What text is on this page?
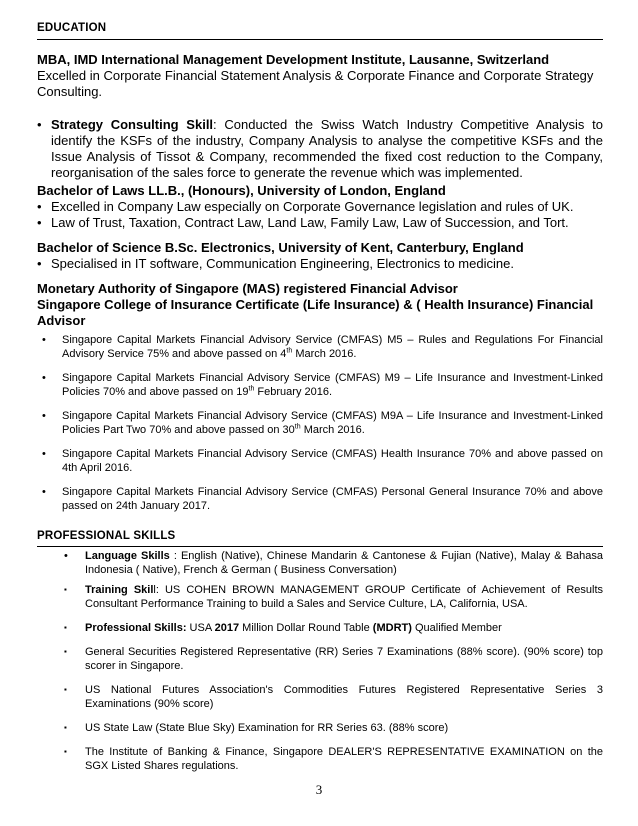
EDUCATION
MBA, IMD International Management Development Institute, Lausanne, Switzerland
Excelled in Corporate Financial Statement Analysis & Corporate Finance and Corporate Strategy Consulting.
• Strategy Consulting Skill: Conducted the Swiss Watch Industry Competitive Analysis to identify the KSFs of the industry, Company Analysis to analyse the competitive KSFs and the Issue Analysis of Tissot & Company, recommended the fixed cost reduction to the Company, reorganisation of the sales force to generate the revenue which was implemented.
Bachelor of Laws LL.B., (Honours), University of London, England
• Excelled in Company Law especially on Corporate Governance legislation and rules of UK.
• Law of Trust, Taxation, Contract Law, Land Law, Family Law, Law of Succession, and Tort.
Bachelor of Science B.Sc. Electronics, University of Kent, Canterbury, England
• Specialised in IT software, Communication Engineering, Electronics to medicine.
Monetary Authority of Singapore (MAS) registered Financial Advisor
Singapore College of Insurance Certificate (Life Insurance) & ( Health Insurance) Financial Advisor
• Singapore Capital Markets Financial Advisory Service (CMFAS) M5 – Rules and Regulations For Financial Advisory Service 75% and above passed on 4th March 2016.
• Singapore Capital Markets Financial Advisory Service (CMFAS) M9 – Life Insurance and Investment-Linked Policies 70% and above passed on 19th February 2016.
• Singapore Capital Markets Financial Advisory Service (CMFAS) M9A – Life Insurance and Investment-Linked Policies Part Two 70% and above passed on 30th March 2016.
• Singapore Capital Markets Financial Advisory Service (CMFAS) Health Insurance 70% and above passed on 4th April 2016.
• Singapore Capital Markets Financial Advisory Service (CMFAS) Personal General Insurance 70% and above passed on 24th January 2017.
PROFESSIONAL SKILLS
• Language Skills : English (Native), Chinese Mandarin & Cantonese & Fujian (Native), Malay & Bahasa Indonesia ( Native), French & German ( Business Conversation)
▪ Training Skill: US COHEN BROWN MANAGEMENT GROUP Certificate of Achievement of Results Consultant Performance Training to build a Sales and Service Culture, LA, California, USA.
▪ Professional Skills: USA 2017 Million Dollar Round Table (MDRT) Qualified Member
▪ General Securities Registered Representative (RR) Series 7 Examinations (88% score). (90% score) top scorer in Singapore.
▪ US National Futures Association's Commodities Futures Registered Representative Series 3 Examinations (90% score)
▪ US State Law (State Blue Sky) Examination for RR Series 63. (88% score)
▪ The Institute of Banking & Finance, Singapore DEALER'S REPRESENTATIVE EXAMINATION on the SGX Listed Shares regulations.
3
